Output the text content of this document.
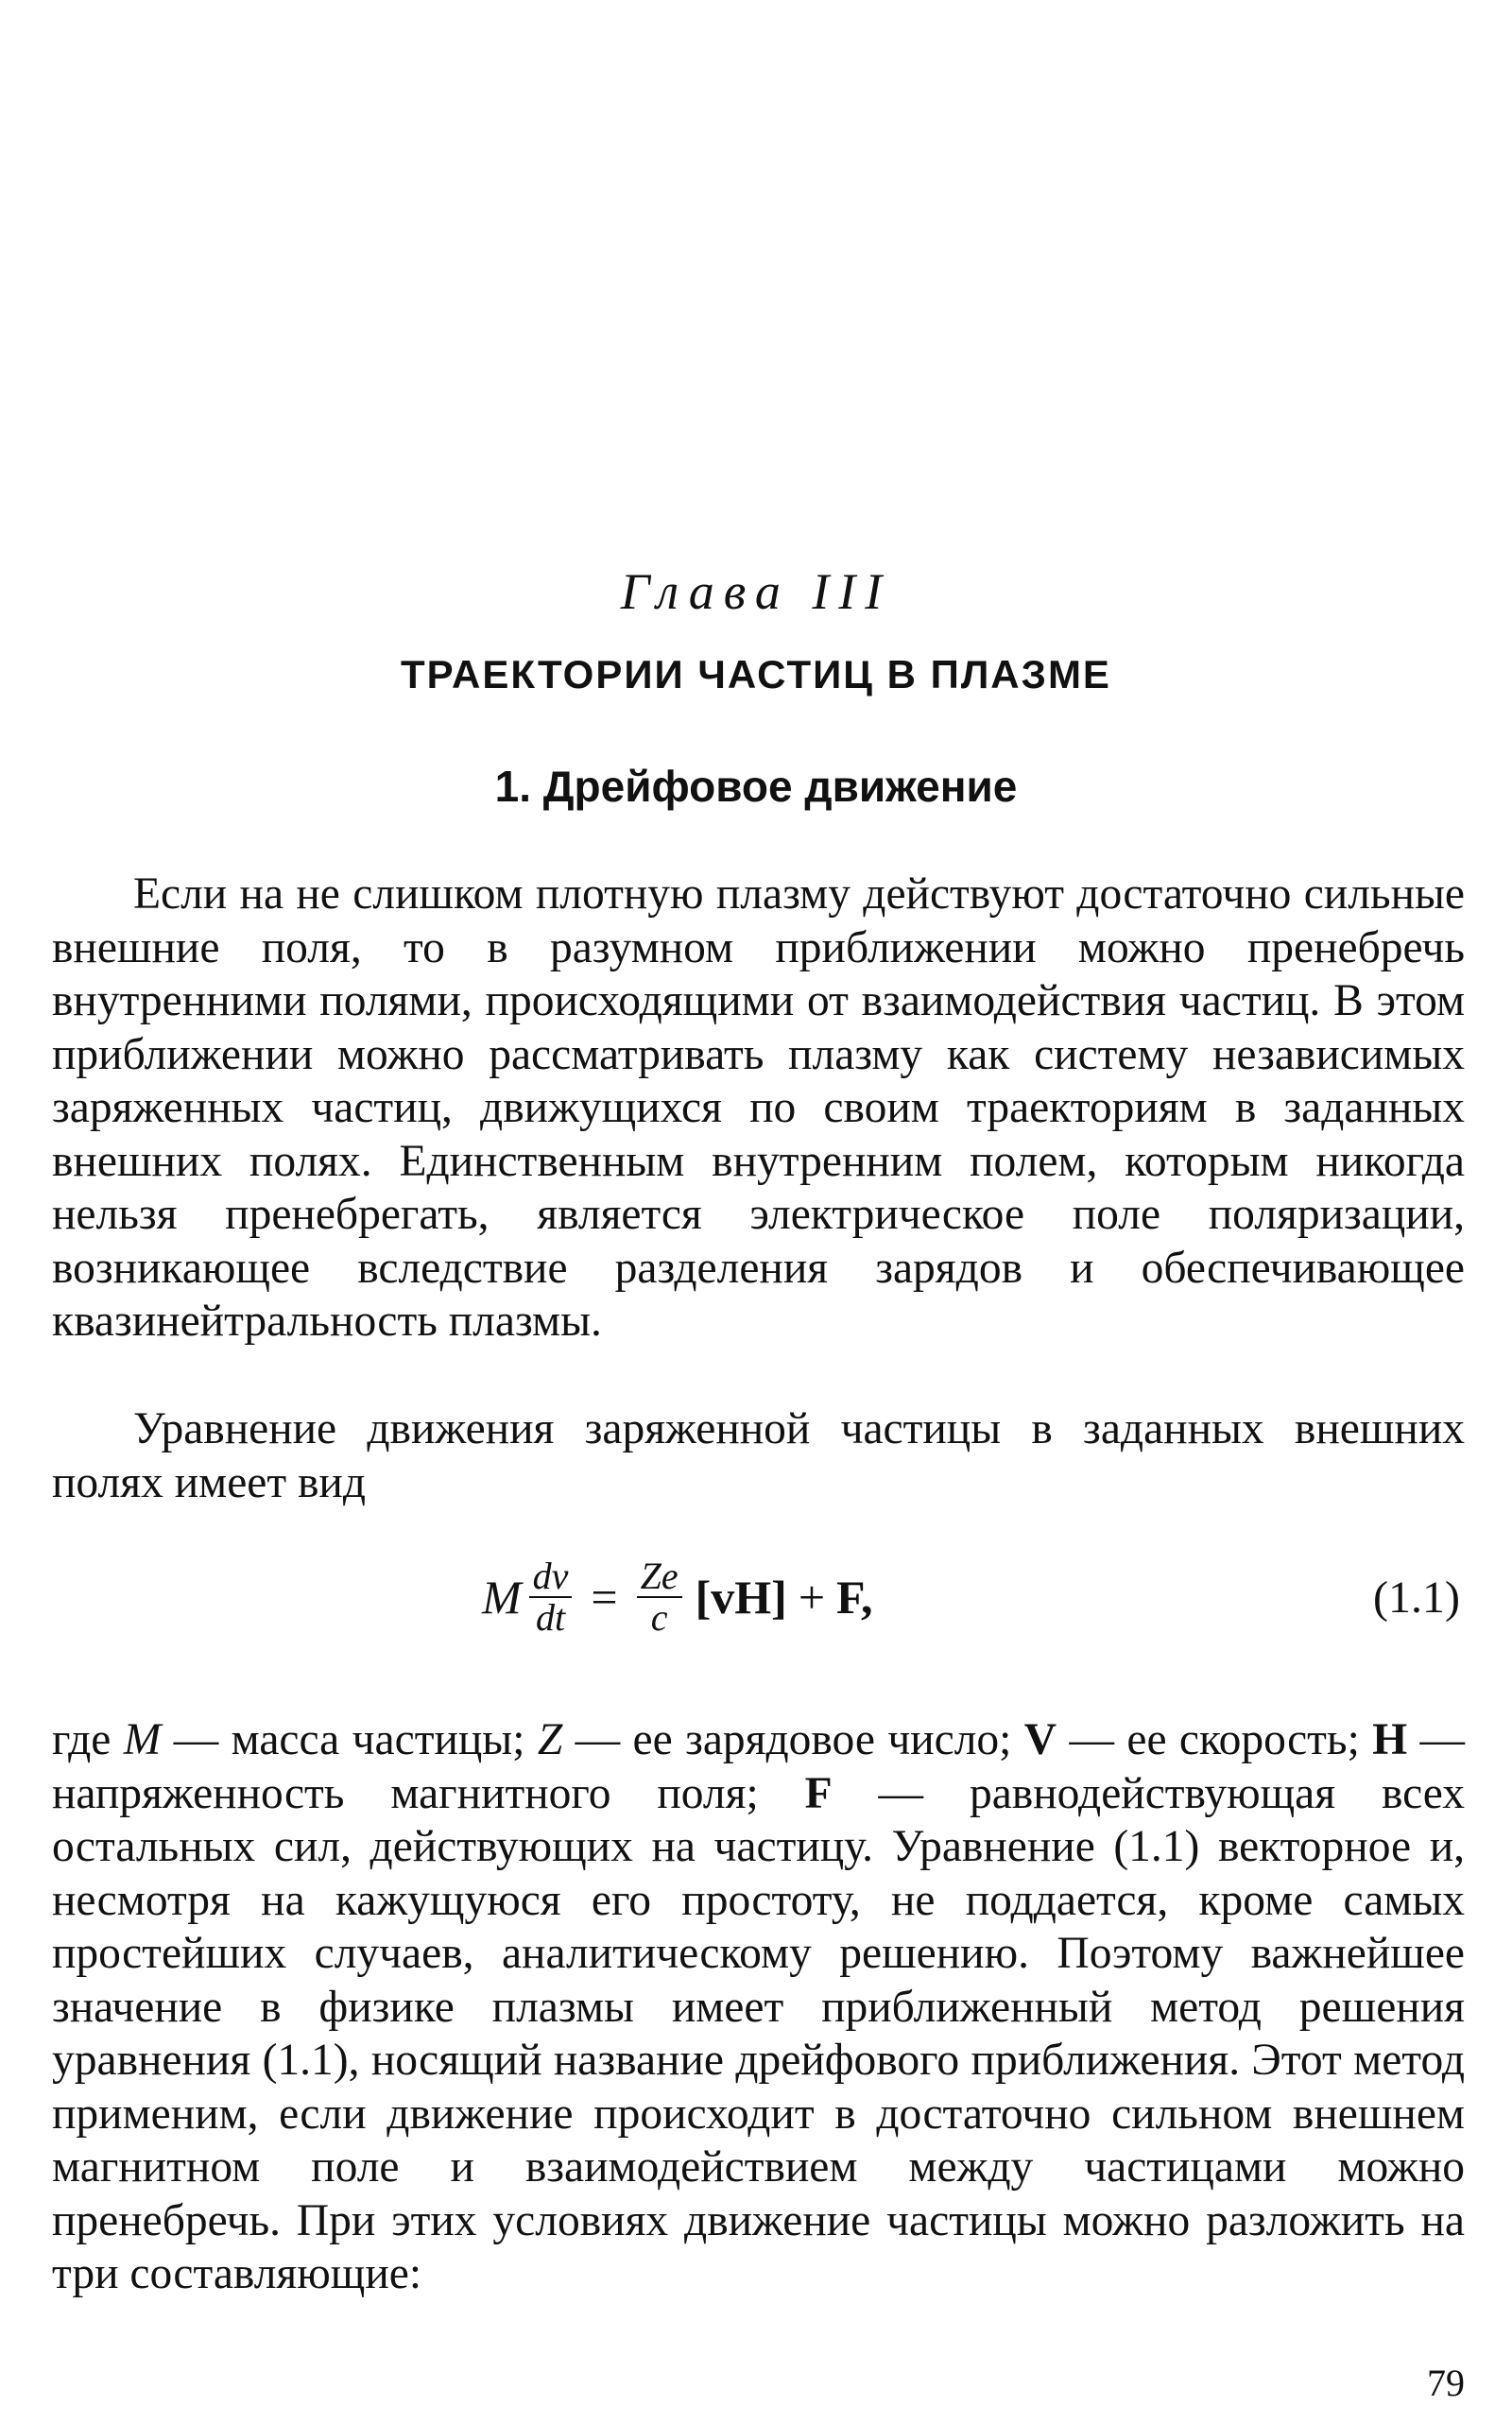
Глава III
ТРАЕКТОРИИ ЧАСТИЦ В ПЛАЗМЕ
1. Дрейфовое движение

Если на не слишком плотную плазму действуют достаточно сильные внешние поля, то в разумном приближении можно пренебречь внутренними полями, происходящими от взаимодействия частиц. В этом приближении можно рассматривать плазму как систему независимых заряженных частиц, движущихся по своим траекториям в заданных внешних полях. Единственным внутренним полем, которым никогда нельзя пренебрегать, является электрическое поле поляризации, возникающее вследствие разделения зарядов и обеспечивающее квазинейтральность плазмы.

Уравнение движения заряженной частицы в заданных внешних полях имеет вид

M $\frac{dv}{dt} = \frac{Ze}{c} [vH] + F$,	(1.1)

где M — масса частицы; Z — ее зарядовое число; V — ее скорость; H — напряженность магнитного поля; F — равнодействующая всех остальных сил, действующих на частицу. Уравнение (1.1) векторное и, несмотря на кажущуюся его простоту, не поддается, кроме самых простейших случаев, аналитическому решению. Поэтому важнейшее значение в физике плазмы имеет приближенный метод решения уравнения (1.1), носящий название дрейфового приближения. Этот метод применим, если движение происходит в достаточно сильном внешнем магнитном поле и взаимодействием между частицами можно пренебречь. При этих условиях движение частицы можно разложить на три составляющие:

79
